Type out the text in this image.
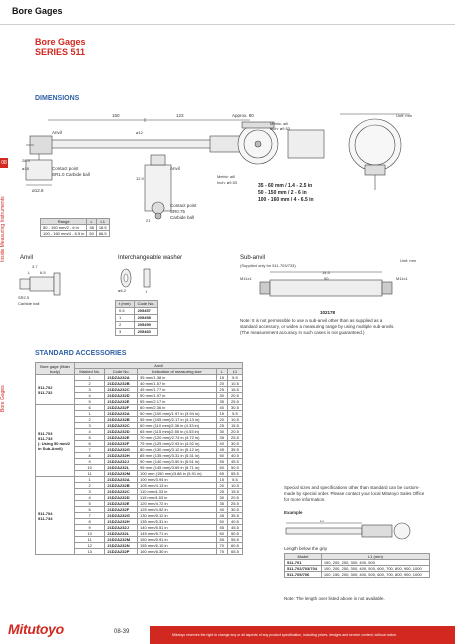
Bore Gages
Bore Gages
SERIES 511
08
Inside Measuring Instruments
Bore Gages
DIMENSIONS
Unit: mm
150	123	Approx. 80
Anvil	ø12
28.5
ø18	Contact point
SR1.0 Carbide ball
ø12.8
Metric: ø8
Inch: ø9.53
Anvil
12.9
Contact point
SR0.75
Carbide ball
21
Metric: ø8
Inch: ø9.53
Range	L	L1
50 - 150 mm/2 - 6 in	38	16.5
100 - 160 mm/4 - 6.5 in	50	66.5
35 - 60 mm / 1.4 - 2.5 in
50 - 150 mm / 2 - 6 in
100 - 160 mm / 4 - 6.5 in
Anvil
3.7
L 6.5
SR2.5
Carbide ball
Interchangeable washer
ø6.2	t
t (mm)	Code No.
0.5	205457
1	205458
2	205459
3	205460
Sub-anvil
(Supplied only for 511-703/733)
Unit: mm
14.5
M11x1	50	M11x1
102178
Note: It is not permissible to use a sub-anvil other than as supplied as a standard accessory, or widen a measuring range by using multiple sub-anvils. (The measurement accuracy in such cases is not guaranteed.)
STANDARD ACCESSORIES
Bore gage (Main body)	Anvil				
	Marked No.	Code No.	Indication of measuring size	L	L1
511-702
511-732	1	21DZA232A	35 mm/1.38 in	15	5.5
	2	21DZA232B	40 mm/1.57 in	20	10.5
	3	21DZA232C	45 mm/1.77 in	25	15.5
	4	21DZA232D	50 mm/1.97 in	30	20.5
	5	21DZA232E	55 mm/2.17 in	35	25.5
511-703
511-733
(: Using 50 mm/2 in Sub-Anvil)	6	21DZA232F	60 mm/2.36 in	40	30.5
	1	21DZA232A	50 mm (100 mm)/1.97 in (3.94 in)	15	5.5
	2	21DZA232B	55 mm (105 mm)/2.17 in (4.13 in)	20	10.5
	3	21DZA232C	60 mm (110 mm)/2.36 in (4.33 in)	25	15.5
	4	21DZA232D	65 mm (115 mm)/2.55 in (4.53 in)	30	20.5
	5	21DZA232E	70 mm (120 mm)/2.74 in (4.72 in)	35	25.5
	6	21DZA232F	75 mm (125 mm)/2.93 in (4.92 in)	40	30.5
	7	21DZA232G	80 mm (130 mm)/3.12 in (5.12 in)	45	35.5
	8	21DZA232H	85 mm (135 mm)/3.31 in (5.31 in)	50	40.5
	9	21DZA232J	90 mm (140 mm)/3.50 in (5.51 in)	55	45.5
	10	21DZA232L	95 mm (145 mm)/3.69 in (5.71 in)	60	50.5
	11	21DZA232M	100 mm (150 mm)/3.88 in (5.91 in)	65	55.5
511-704
511-734	1	21DZA232A	100 mm/3.94 in	15	5.5
	2	21DZA232B	105 mm/4.13 in	20	10.5
	3	21DZA232C	110 mm/4.33 in	25	15.5
	4	21DZA232D	115 mm/4.53 in	30	20.5
	5	21DZA232E	120 mm/4.72 in	35	25.5
	6	21DZA232F	125 mm/4.92 in	40	30.5
	7	21DZA232G	130 mm/5.12 in	45	35.5
	8	21DZA232H	135 mm/5.31 in	50	40.5
	9	21DZA232J	140 mm/5.51 in	55	45.5
	10	21DZA232L	145 mm/5.71 in	60	50.5
	11	21DZA232M	150 mm/5.91 in	65	55.5
	12	21DZA232N	155 mm/6.10 in	70	60.5
	13	21DZA232P	160 mm/6.30 in	75	65.5
Special sizes and specifications other than standard can be custom-made by special order. Please contact your local Mitutoyo Sales Office for more information.
Example
L1
Length below the grip
Model	L1 (mm)
511-701	150, 200, 250, 300, 400, 500
511-702/703/704	100, 200, 250, 300, 400, 500, 600, 700, 800, 900, 1000
511-705/706	100, 150, 200, 300, 400, 500, 600, 700, 800, 900, 1000
Note: The length over listed above is not available.
Mitutoyo	08-39	Mitutoyo reserves the right to change any or all aspects of any product specification, including prices, designs and service content, without notice.
